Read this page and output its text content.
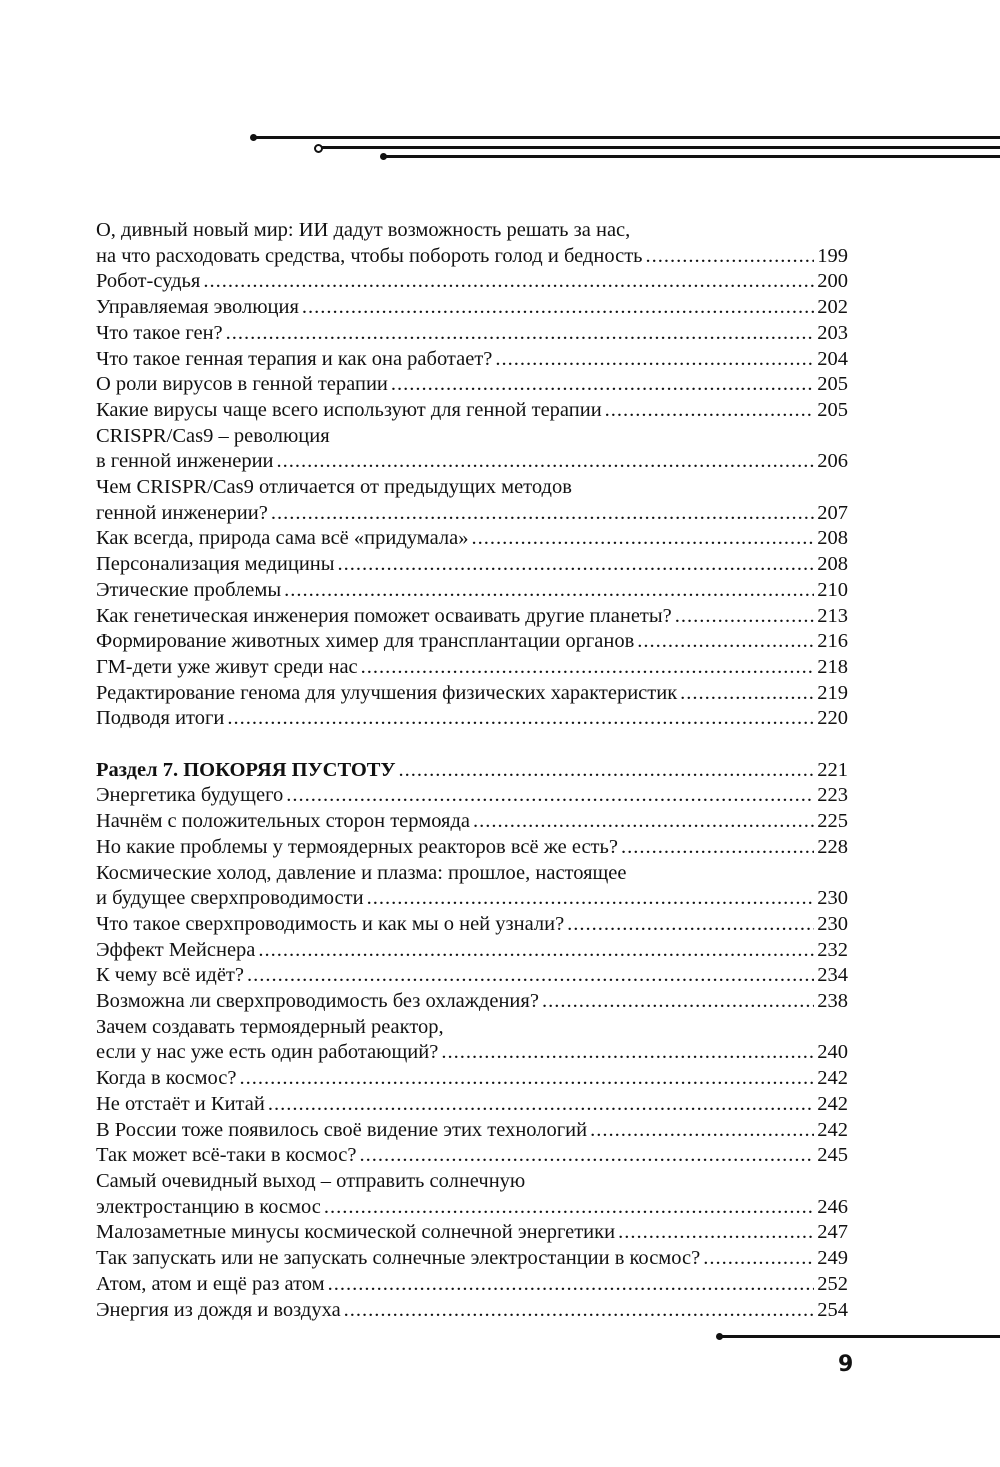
О, дивный новый мир: ИИ дадут возможность решать за нас,
на что расходовать средства, чтобы побороть голод и бедность .....	199
Робот-судья .....	200
Управляемая эволюция .....	202
Что такое ген? .....	203
Что такое генная терапия и как она работает? .....	204
О роли вирусов в генной терапии .....	205
Какие вирусы чаще всего используют для генной терапии .....	205
CRISPR/Cas9 – революция
в генной инженерии .....	206
Чем CRISPR/Cas9 отличается от предыдущих методов
генной инженерии? .....	207
Как всегда, природа сама всё «придумала» .....	208
Персонализация медицины .....	208
Этические проблемы .....	210
Как генетическая инженерия поможет осваивать другие планеты? .....	213
Формирование животных химер для трансплантации органов .....	216
ГМ-дети уже живут среди нас .....	218
Редактирование генома для улучшения физических характеристик .....	219
Подводя итоги .....	220
Раздел 7. ПОКОРЯЯ ПУСТОТУ .....	221
Энергетика будущего .....	223
Начнём с положительных сторон термояда .....	225
Но какие проблемы у термоядерных реакторов всё же есть? .....	228
Космические холод, давление и плазма: прошлое, настоящее
и будущее сверхпроводимости .....	230
Что такое сверхпроводимость и как мы о ней узнали? .....	230
Эффект Мейснера .....	232
К чему всё идёт? .....	234
Возможна ли сверхпроводимость без охлаждения? .....	238
Зачем создавать термоядерный реактор,
если у нас уже есть один работающий? .....	240
Когда в космос? .....	242
Не отстаёт и Китай .....	242
В России тоже появилось своё видение этих технологий .....	242
Так может всё-таки в космос? .....	245
Самый очевидный выход – отправить солнечную
электростанцию в космос .....	246
Малозаметные минусы космической солнечной энергетики .....	247
Так запускать или не запускать солнечные электростанции в космос? .....	249
Атом, атом и ещё раз атом .....	252
Энергия из дождя и воздуха .....	254
9
